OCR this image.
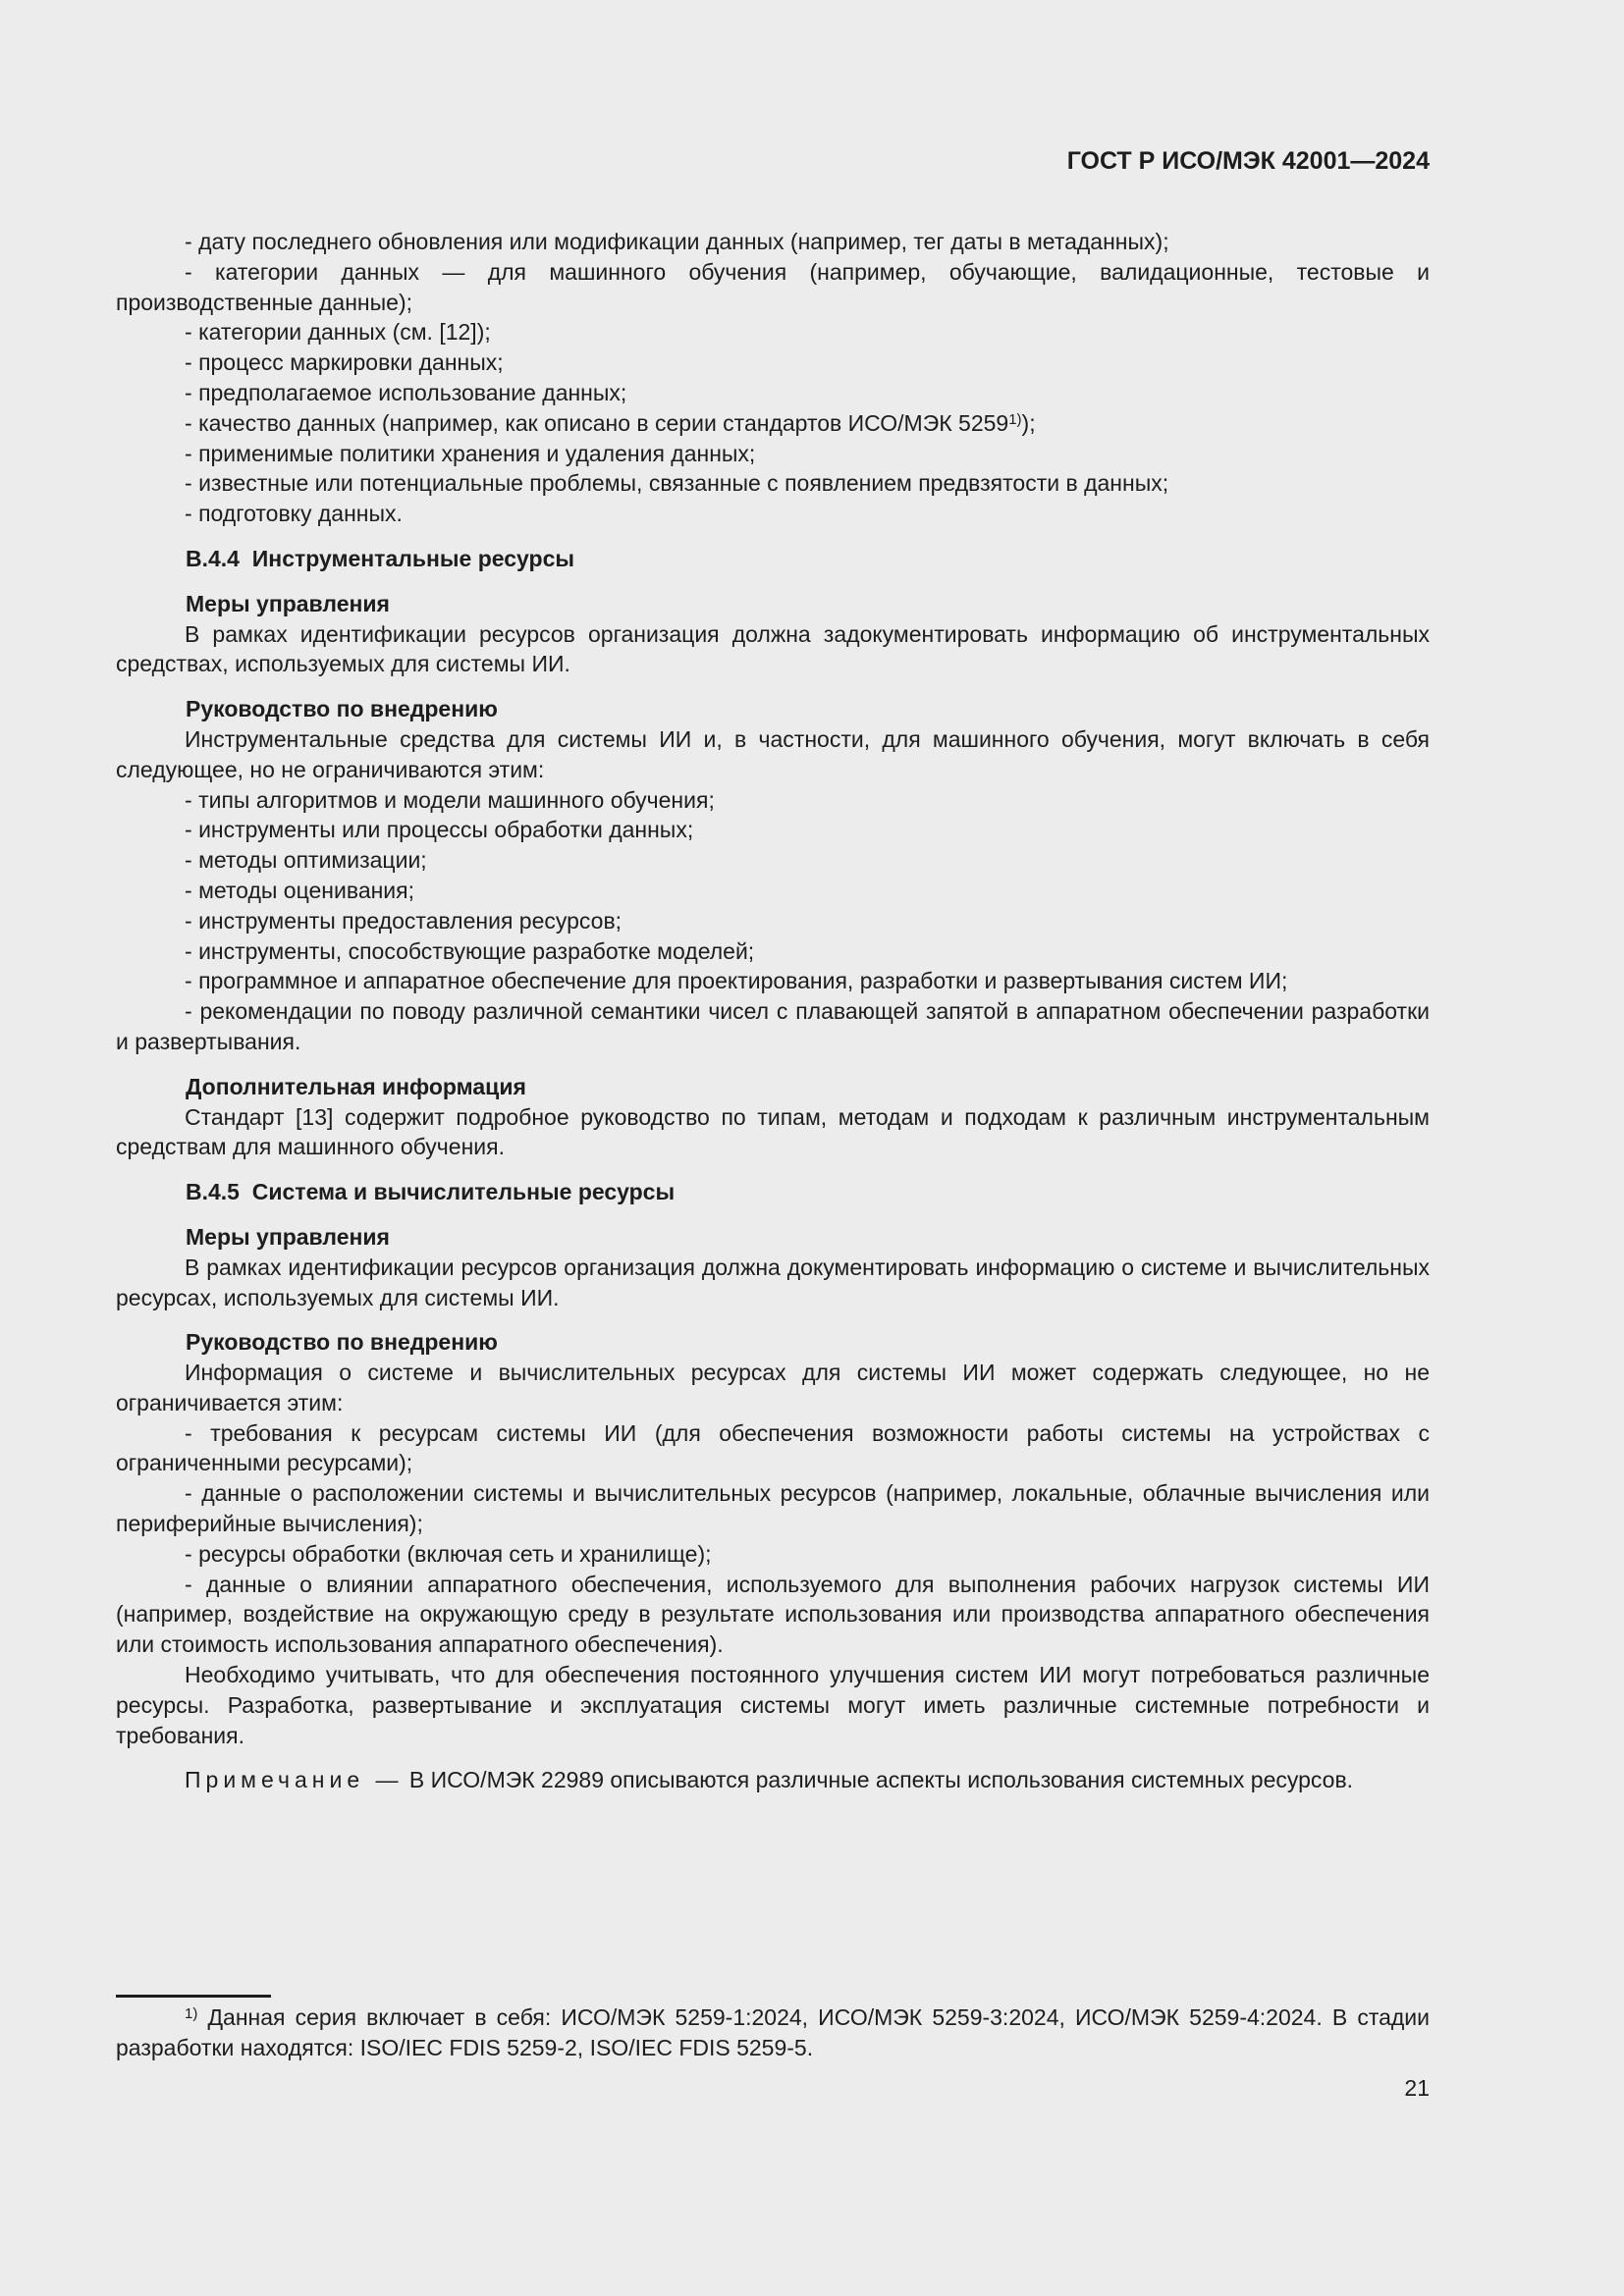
ГОСТ Р ИСО/МЭК 42001—2024

- дату последнего обновления или модификации данных (например, тег даты в метаданных);

- категории данных — для машинного обучения (например, обучающие, валидационные, тестовые и производственные данные);

- категории данных (см. [12]);

- процесс маркировки данных;

- предполагаемое использование данных;

- качество данных (например, как описано в серии стандартов ИСО/МЭК 5259$^{1)}$);

- применимые политики хранения и удаления данных;

- известные или потенциальные проблемы, связанные с появлением предвзятости в данных;

- подготовку данных.

В.4.4 Инструментальные ресурсы

Меры управления

В рамках идентификации ресурсов организация должна задокументировать информацию об инструментальных средствах, используемых для системы ИИ.

Руководство по внедрению

Инструментальные средства для системы ИИ и, в частности, для машинного обучения, могут включать в себя следующее, но не ограничиваются этим:

- типы алгоритмов и модели машинного обучения;

- инструменты или процессы обработки данных;

- методы оптимизации;

- методы оценивания;

- инструменты предоставления ресурсов;

- инструменты, способствующие разработке моделей;

- программное и аппаратное обеспечение для проектирования, разработки и развертывания систем ИИ;

- рекомендации по поводу различной семантики чисел с плавающей запятой в аппаратном обеспечении разработки и развертывания.

Дополнительная информация

Стандарт [13] содержит подробное руководство по типам, методам и подходам к различным инструментальным средствам для машинного обучения.

В.4.5 Система и вычислительные ресурсы

Меры управления

В рамках идентификации ресурсов организация должна документировать информацию о системе и вычислительных ресурсах, используемых для системы ИИ.

Руководство по внедрению

Информация о системе и вычислительных ресурсах для системы ИИ может содержать следующее, но не ограничивается этим:

- требования к ресурсам системы ИИ (для обеспечения возможности работы системы на устройствах с ограниченными ресурсами);

- данные о расположении системы и вычислительных ресурсов (например, локальные, облачные вычисления или периферийные вычисления);

- ресурсы обработки (включая сеть и хранилище);

- данные о влиянии аппаратного обеспечения, используемого для выполнения рабочих нагрузок системы ИИ (например, воздействие на окружающую среду в результате использования или производства аппаратного обеспечения или стоимость использования аппаратного обеспечения).

Необходимо учитывать, что для обеспечения постоянного улучшения систем ИИ могут потребоваться различные ресурсы. Разработка, развертывание и эксплуатация системы могут иметь различные системные потребности и требования.

Примечание — В ИСО/МЭК 22989 описываются различные аспекты использования системных ресурсов.

$^{1)}$ Данная серия включает в себя: ИСО/МЭК 5259-1:2024, ИСО/МЭК 5259-3:2024, ИСО/МЭК 5259-4:2024. В стадии разработки находятся: ISO/IEC FDIS 5259-2, ISO/IEC FDIS 5259-5.

21
